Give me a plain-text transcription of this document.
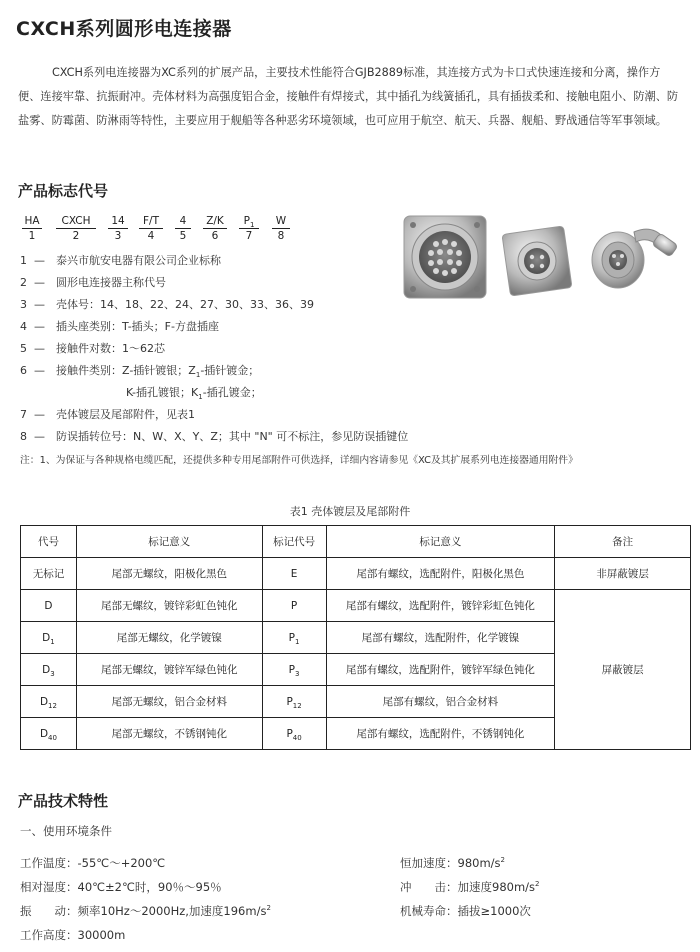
CXCH系列圆形电连接器
CXCH系列电连接器为XC系列的扩展产品，主要技术性能符合GJB2889标准，其连接方式为卡口式快速连接和分离，操作方便、连接牢靠、抗振耐冲。壳体材料为高强度铝合金，接触件有焊接式，其中插孔为线簧插孔，具有插拔柔和、接触电阻小、防潮、防盐雾、防霉菌、防淋雨等特性，主要应用于舰船等各种恶劣环境领域，也可应用于航空、航天、兵器、舰船、野战通信等军事领域。
产品标志代号
HA
1
CXCH
2
14
3
F/T
4
4
5
Z/K
6
$P_1$
7
W
8
1 — 泰兴市航安电器有限公司企业标称
2 — 圆形电连接器主称代号
3 — 壳体号：14、18、22、24、27、30、33、36、39
4 — 插头座类别：T-插头；F-方盘插座
5 — 接触件对数：1～62芯
6 — 接触件类别：Z-插针镀银；$Z_1-$插针镀金；
K-插孔镀银；$K_1-$插孔镀金；
7 — 壳体镀层及尾部附件，见表1
8 — 防误插转位号：N、W、X、Y、Z；其中 "N" 可不标注，参见防误插键位
注：1、为保证与各种规格电缆匹配，还提供多种专用尾部附件可供选择，详细内容请参见《XC及其扩展系列电连接器通用附件》
表1 壳体镀层及尾部附件
代号	标记意义	标记代号	标记意义	备注
无标记	尾部无螺纹，阳极化黑色	E	尾部有螺纹，选配附件，阳极化黑色	非屏蔽镀层
D	尾部无螺纹，镀锌彩虹色钝化	P	尾部有螺纹，选配附件，镀锌彩虹色钝化	屏蔽镀层
$D_1$	尾部无螺纹，化学镀镍	$P_1$	尾部有螺纹，选配附件，化学镀镍	
$D_3$	尾部无螺纹，镀锌军绿色钝化	$P_3$	尾部有螺纹，选配附件，镀锌军绿色钝化	
$D_{12}$	尾部无螺纹，铝合金材料	$P_{12}$	尾部有螺纹，铝合金材料	
$D_{40}$	尾部无螺纹，不锈钢钝化	$P_{40}$	尾部有螺纹，选配附件，不锈钢钝化	
产品技术特性
一、使用环境条件
工作温度：-55℃～+200℃
相对湿度：40℃±2℃时，90％～95％
振　　动：频率10Hz～2000Hz,加速度$196m/s^2$
工作高度：30000m
恒加速度：$980m/s^2$
冲　　击：加速度$980m/s^2$
机械寿命：插拔≥1000次
